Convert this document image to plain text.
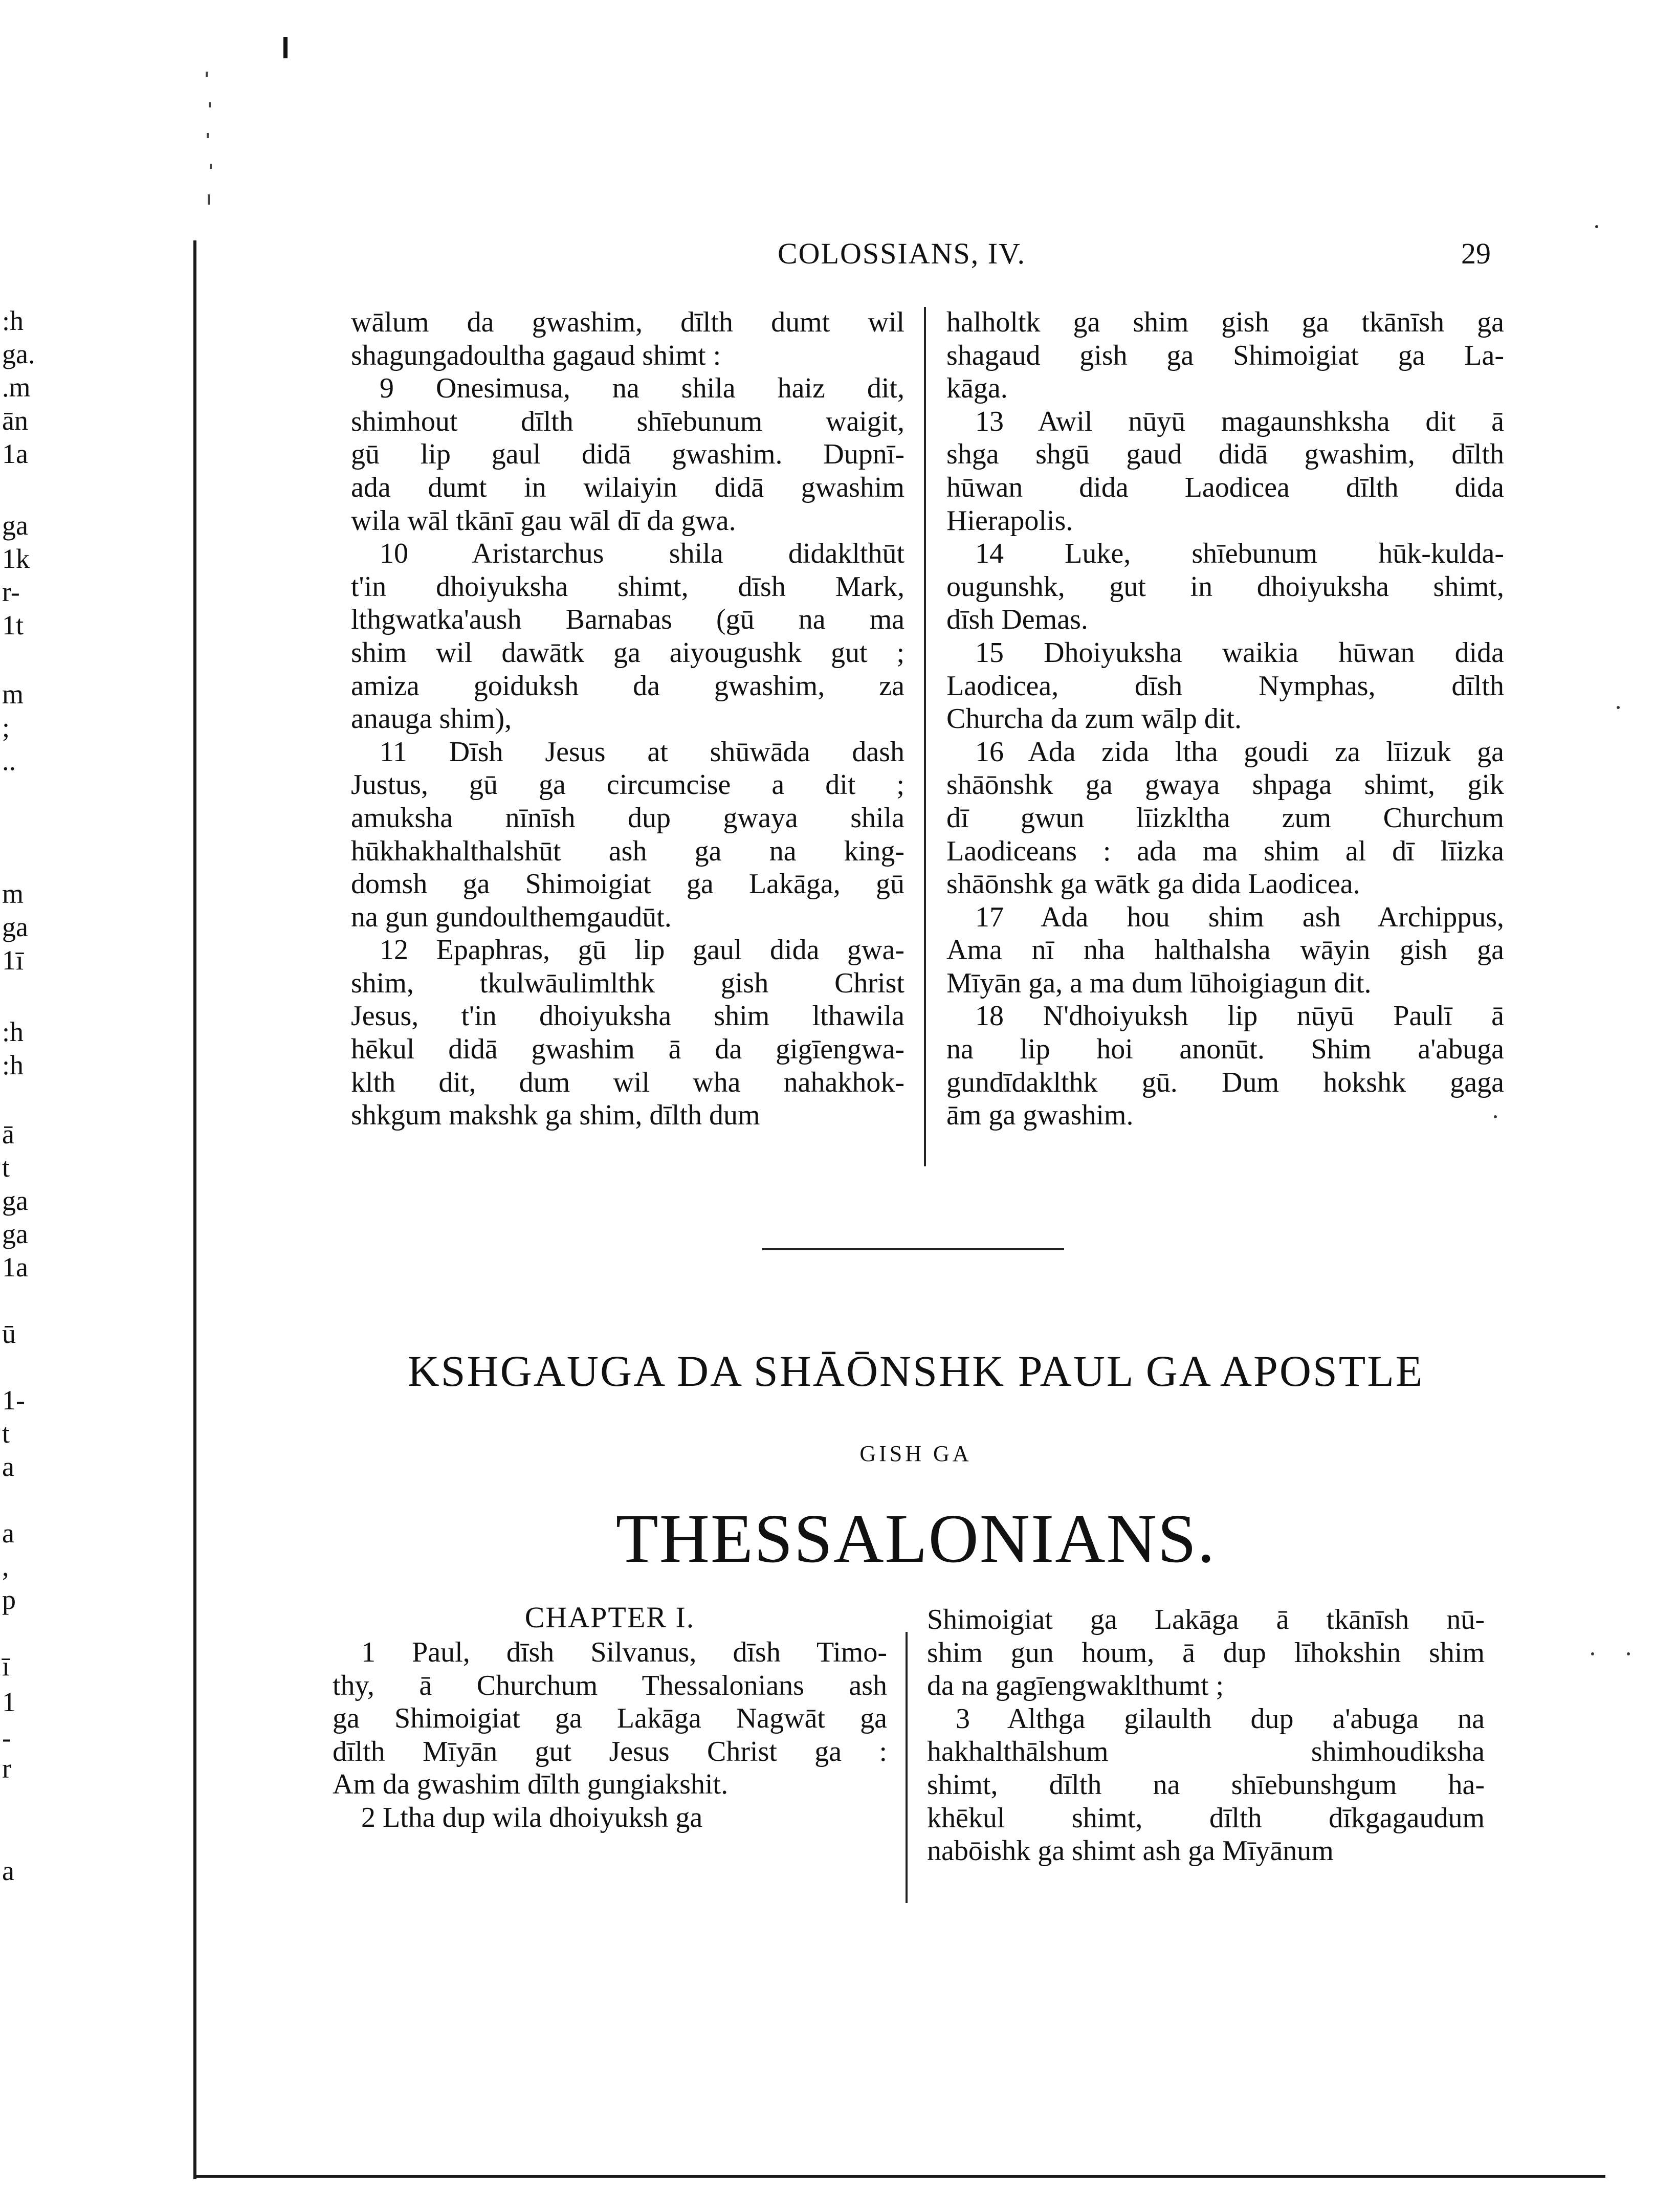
:h
ga.
.m
ān
1a
ga
1k
r-
1t
m
;
..
m
ga
1ī
:h
:h
ā
t
ga
ga
1a
ū
1-
t
a
a
,
p
ī
1
-
r
a
COLOSSIANS, IV.	29

wālum da gwashim, dīlth dumt wil

shagungadoultha gagaud shimt :

9 Onesimusa, na shila haiz dit,

shimhout dīlth shīebunum waigit,

gū lip gaul didā gwashim. Dupnī-

ada dumt in wilaiyin didā gwashim

wila wāl tkānī gau wāl dī da gwa.

10 Aristarchus shila didaklthūt

t'in dhoiyuksha shimt, dīsh Mark,

lthgwatka'aush Barnabas (gū na ma

shim wil dawātk ga aiyougushk gut ;

amiza goiduksh da gwashim, za

anauga shim),

11 Dīsh Jesus at shūwāda dash

Justus, gū ga circumcise a dit ;

amuksha nīnīsh dup gwaya shila

hūkhakhalthalshūt ash ga na king-

domsh ga Shimoigiat ga Lakāga, gū

na gun gundoulthemgaudūt.

12 Epaphras, gū lip gaul dida gwa-

shim, tkulwāulimlthk gish Christ

Jesus, t'in dhoiyuksha shim lthawila

hēkul didā gwashim ā da gigīengwa-

klth dit, dum wil wha nahakhok-

shkgum makshk ga shim, dīlth dum

halholtk ga shim gish ga tkānīsh ga

shagaud gish ga Shimoigiat ga La-

kāga.

13 Awil nūyū magaunshksha dit ā

shga shgū gaud didā gwashim, dīlth

hūwan dida Laodicea dīlth dida

Hierapolis.

14 Luke, shīebunum hūk-kulda-

ougunshk, gut in dhoiyuksha shimt,

dīsh Demas.

15 Dhoiyuksha waikia hūwan dida

Laodicea, dīsh Nymphas, dīlth

Churcha da zum wālp dit.

16 Ada zida ltha goudi za līizuk ga

shāōnshk ga gwaya shpaga shimt, gik

dī gwun līizkltha zum Churchum

Laodiceans : ada ma shim al dī līizka

shāōnshk ga wātk ga dida Laodicea.

17 Ada hou shim ash Archippus,

Ama nī nha halthalsha wāyin gish ga

Mīyān ga, a ma dum lūhoigiagun dit.

18 N'dhoiyuksh lip nūyū Paulī ā

na lip hoi anonūt. Shim a'abuga

gundīdaklthk gū. Dum hokshk gaga

ām ga gwashim.

KSHGAUGA DA SHĀŌNSHK PAUL GA APOSTLE
GISH GA
THESSALONIANS.
CHAPTER I.

1 Paul, dīsh Silvanus, dīsh Timo-

thy, ā Churchum Thessalonians ash

ga Shimoigiat ga Lakāga Nagwāt ga

dīlth Mīyān gut Jesus Christ ga :

Am da gwashim dīlth gungiakshit.

2 Ltha dup wila dhoiyuksh ga

Shimoigiat ga Lakāga ā tkānīsh nū-

shim gun houm, ā dup līhokshin shim

da na gagīengwaklthumt ;

3 Althga gilaulth dup a'abuga na

hakhalthālshum shimhoudiksha

shimt, dīlth na shīebunshgum ha-

khēkul shimt, dīlth dīkgagaudum

nabōishk ga shimt ash ga Mīyānum
